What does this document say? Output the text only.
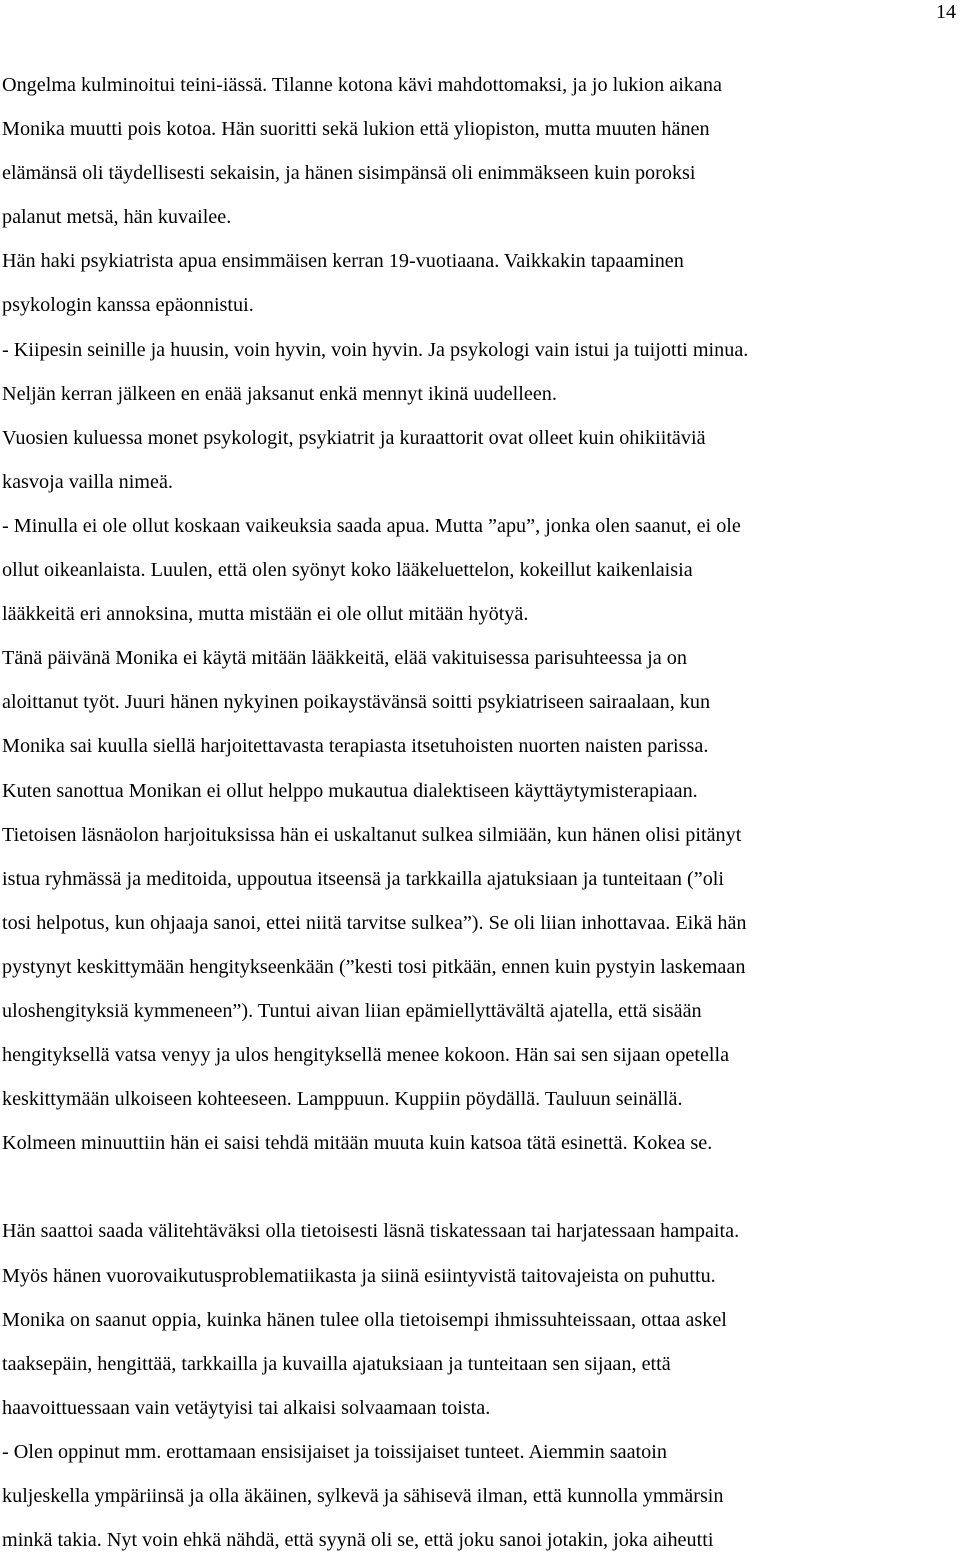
14
Ongelma kulminoitui teini-iässä. Tilanne kotona kävi mahdottomaksi, ja jo lukion aikana
Monika muutti pois kotoa. Hän suoritti sekä lukion että yliopiston, mutta muuten hänen
elämänsä oli täydellisesti sekaisin, ja hänen sisimpänsä oli enimmäkseen kuin poroksi
palanut metsä, hän kuvailee.
Hän haki psykiatrista apua ensimmäisen kerran 19-vuotiaana. Vaikkakin tapaaminen
psykologin kanssa epäonnistui.
- Kiipesin seinille ja huusin, voin hyvin, voin hyvin. Ja psykologi vain istui ja tuijotti minua.
Neljän kerran jälkeen en enää jaksanut enkä mennyt ikinä uudelleen.
Vuosien kuluessa monet psykologit, psykiatrit ja kuraattorit ovat olleet kuin ohikiitäviä
kasvoja vailla nimeä.
- Minulla ei ole ollut koskaan vaikeuksia saada apua. Mutta ”apu”, jonka olen saanut, ei ole
ollut oikeanlaista. Luulen, että olen syönyt koko lääkeluettelon, kokeillut kaikenlaisia
lääkkeitä eri annoksina, mutta mistään ei ole ollut mitään hyötyä.
Tänä päivänä Monika ei käytä mitään lääkkeitä, elää vakituisessa parisuhteessa ja on
aloittanut työt. Juuri hänen nykyinen poikaystävänsä soitti psykiatriseen sairaalaan, kun
Monika sai kuulla siellä harjoitettavasta terapiasta itsetuhoisten nuorten naisten parissa.
Kuten sanottua Monikan ei ollut helppo mukautua dialektiseen käyttäytymisterapiaan.
Tietoisen läsnäolon harjoituksissa hän ei uskaltanut sulkea silmiään, kun hänen olisi pitänyt
istua ryhmässä ja meditoida, uppoutua itseensä ja tarkkailla ajatuksiaan ja tunteitaan (”oli
tosi helpotus, kun ohjaaja sanoi, ettei niitä tarvitse sulkea”). Se oli liian inhottavaa. Eikä hän
pystynyt keskittymään hengitykseenkään (”kesti tosi pitkään, ennen kuin pystyin laskemaan
uloshengityksiä kymmeneen”). Tuntui aivan liian epämiellyttävältä ajatella, että sisään
hengityksellä vatsa venyy ja ulos hengityksellä menee kokoon. Hän sai sen sijaan opetella
keskittymään ulkoiseen kohteeseen. Lamppuun. Kuppiin pöydällä. Tauluun seinällä.
Kolmeen minuuttiin hän ei saisi tehdä mitään muuta kuin katsoa tätä esinettä. Kokea se.
Hän saattoi saada välitehtäväksi olla tietoisesti läsnä tiskatessaan tai harjatessaan hampaita.
Myös hänen vuorovaikutusproblematiikasta ja siinä esiintyvistä taitovajeista on puhuttu.
Monika on saanut oppia, kuinka hänen tulee olla tietoisempi ihmissuhteissaan, ottaa askel
taaksepäin, hengittää, tarkkailla ja kuvailla ajatuksiaan ja tunteitaan sen sijaan, että
haavoittuessaan vain vetäytyisi tai alkaisi solvaamaan toista.
- Olen oppinut mm. erottamaan ensisijaiset ja toissijaiset tunteet. Aiemmin saatoin
kuljeskella ympäriinsä ja olla äkäinen, sylkevä ja sähisevä ilman, että kunnolla ymmärsin
minkä takia. Nyt voin ehkä nähdä, että syynä oli se, että joku sanoi jotakin, joka aiheutti
